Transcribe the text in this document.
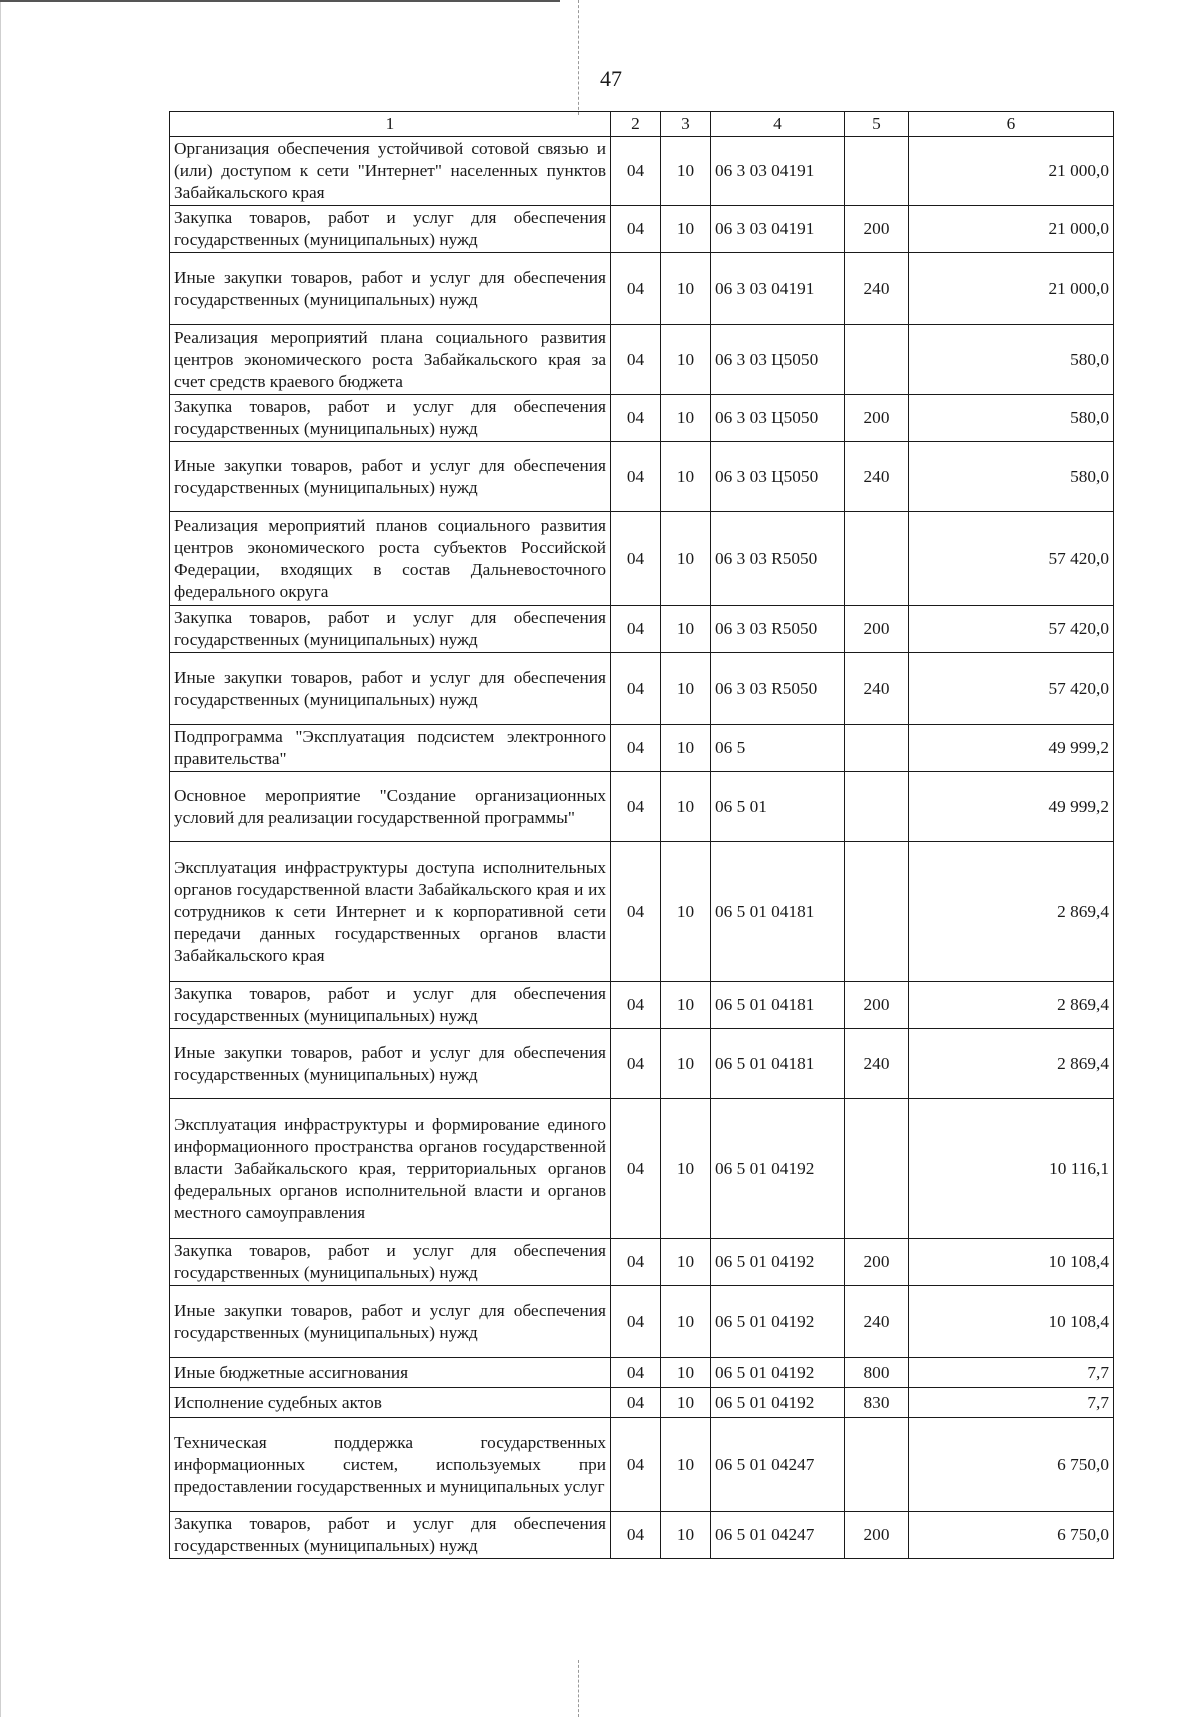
47
1	2	3	4	5	6
Организация обеспечения устойчивой сотовой связью и (или) доступом к сети "Интернет" населенных пунктов Забайкальского края	04	10	06 3 03 04191		21 000,0
Закупка товаров, работ и услуг для обеспечения государственных (муниципальных) нужд	04	10	06 3 03 04191	200	21 000,0
Иные закупки товаров, работ и услуг для обеспечения государственных (муниципальных) нужд	04	10	06 3 03 04191	240	21 000,0
Реализация мероприятий плана социального развития центров экономического роста Забайкальского края за счет средств краевого бюджета	04	10	06 3 03 Ц5050		580,0
Закупка товаров, работ и услуг для обеспечения государственных (муниципальных) нужд	04	10	06 3 03 Ц5050	200	580,0
Иные закупки товаров, работ и услуг для обеспечения государственных (муниципальных) нужд	04	10	06 3 03 Ц5050	240	580,0
Реализация мероприятий планов социального развития центров экономического роста субъектов Российской Федерации, входящих в состав Дальневосточного федерального округа	04	10	06 3 03 R5050		57 420,0
Закупка товаров, работ и услуг для обеспечения государственных (муниципальных) нужд	04	10	06 3 03 R5050	200	57 420,0
Иные закупки товаров, работ и услуг для обеспечения государственных (муниципальных) нужд	04	10	06 3 03 R5050	240	57 420,0
Подпрограмма "Эксплуатация подсистем электронного правительства"	04	10	06 5		49 999,2
Основное мероприятие "Создание организационных условий для реализации государственной программы"	04	10	06 5 01		49 999,2
Эксплуатация инфраструктуры доступа исполнительных органов государственной власти Забайкальского края и их сотрудников к сети Интернет и к корпоративной сети передачи данных государственных органов власти Забайкальского края	04	10	06 5 01 04181		2 869,4
Закупка товаров, работ и услуг для обеспечения государственных (муниципальных) нужд	04	10	06 5 01 04181	200	2 869,4
Иные закупки товаров, работ и услуг для обеспечения государственных (муниципальных) нужд	04	10	06 5 01 04181	240	2 869,4
Эксплуатация инфраструктуры и формирование единого информационного пространства органов государственной власти Забайкальского края, территориальных органов федеральных органов исполнительной власти и органов местного самоуправления	04	10	06 5 01 04192		10 116,1
Закупка товаров, работ и услуг для обеспечения государственных (муниципальных) нужд	04	10	06 5 01 04192	200	10 108,4
Иные закупки товаров, работ и услуг для обеспечения государственных (муниципальных) нужд	04	10	06 5 01 04192	240	10 108,4
Иные бюджетные ассигнования	04	10	06 5 01 04192	800	7,7
Исполнение судебных актов	04	10	06 5 01 04192	830	7,7
Техническая поддержка государственных информационных систем, используемых при предоставлении государственных и муниципальных услуг	04	10	06 5 01 04247		6 750,0
Закупка товаров, работ и услуг для обеспечения государственных (муниципальных) нужд	04	10	06 5 01 04247	200	6 750,0
